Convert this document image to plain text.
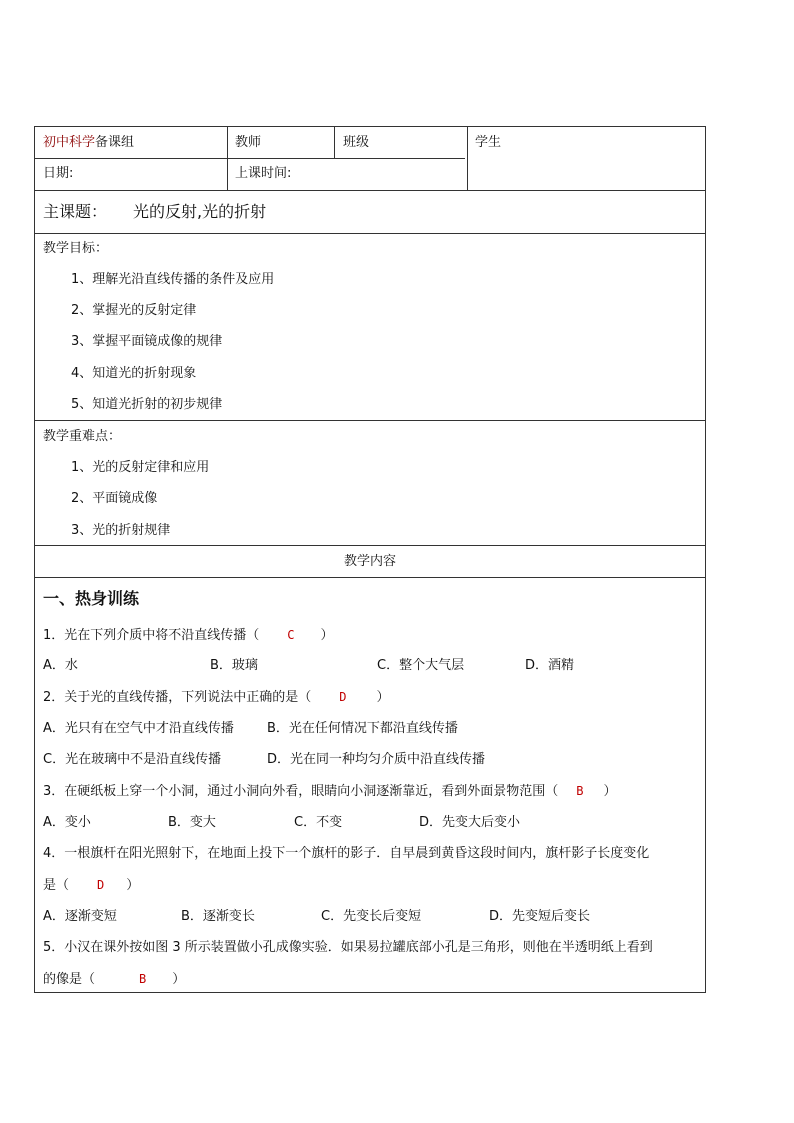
初中科学备课组	教师	班级	学生
日期:	上课时间:
主课题： 光的反射,光的折射
教学目标：
1、理解光沿直线传播的条件及应用
2、掌握光的反射定律
3、掌握平面镜成像的规律
4、知道光的折射现象
5、知道光折射的初步规律
教学重难点：
1、光的反射定律和应用
2、平面镜成像
3、光的折射规律
教学内容
一、热身训练
1．光在下列介质中将不沿直线传播（ C ）
A．水	B．玻璃	C．整个大气层	D．酒精
2．关于光的直线传播，下列说法中正确的是（ D ）
A．光只有在空气中才沿直线传播	B．光在任何情况下都沿直线传播
C．光在玻璃中不是沿直线传播	D．光在同一种均匀介质中沿直线传播
3．在硬纸板上穿一个小洞，通过小洞向外看，眼睛向小洞逐渐靠近，看到外面景物范围（ B ）
A．变小	B．变大	C．不变	D．先变大后变小
4．一根旗杆在阳光照射下，在地面上投下一个旗杆的影子．自早晨到黄昏这段时间内，旗杆影子长度变化
是（ D ）
A．逐渐变短	B．逐渐变长	C．先变长后变短	D．先变短后变长
5．小汉在课外按如图 3 所示装置做小孔成像实验．如果易拉罐底部小孔是三角形，则他在半透明纸上看到
的像是（	B ）
